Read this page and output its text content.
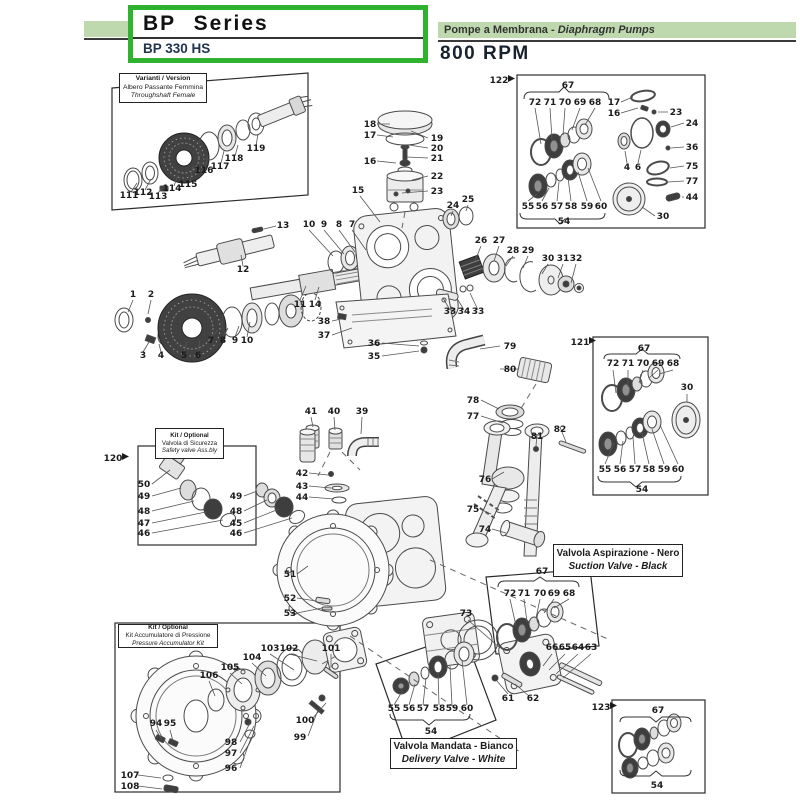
BP Series
BP 330 HS
Pompe a Membrana - Diaphragm Pumps
800 RPM
18
17	19
20
21
16
22
23
15
24
25
13 10 9 8 7
12
11 14
1 2
3 4 5 6
7 8 9 10
38
37
36
35
26 27
28 29
30 31 32
33 34 33
41 40 39
42
43
44
51
52
53
79
80
78
77
81
82
76
75
74
73
66 65 64 63
61 62
67
72 71 70 69 68
55 56 57 58 59 60
54
120
50
49
48
47
46
49
48
45
46
111
112
113
114
115
116
117
118
119
122	67
72 71 70 69 68 17
16	23
24
36
75
77
44
4 6
30
55 56 57 58 59 60
54
121
67
72 71 70 69 68
30
55 56 57 58 59 60
54
123	67
54
105
106
104
103 102	101
100
99
98
97
96
94 95
107
108
Varianti / Version
Albero Passante Femmina
Throughshaft Female
Kit / Optional
Valvola di Sicurezza
Safety valve Ass.bly
Kit / Optional
Kit Accumulatore di Pressione
Pressure Accumulator Kit
Valvola Aspirazione - Nero
Suction Valve - Black
Valvola Mandata - Bianco
Delivery Valve - White
